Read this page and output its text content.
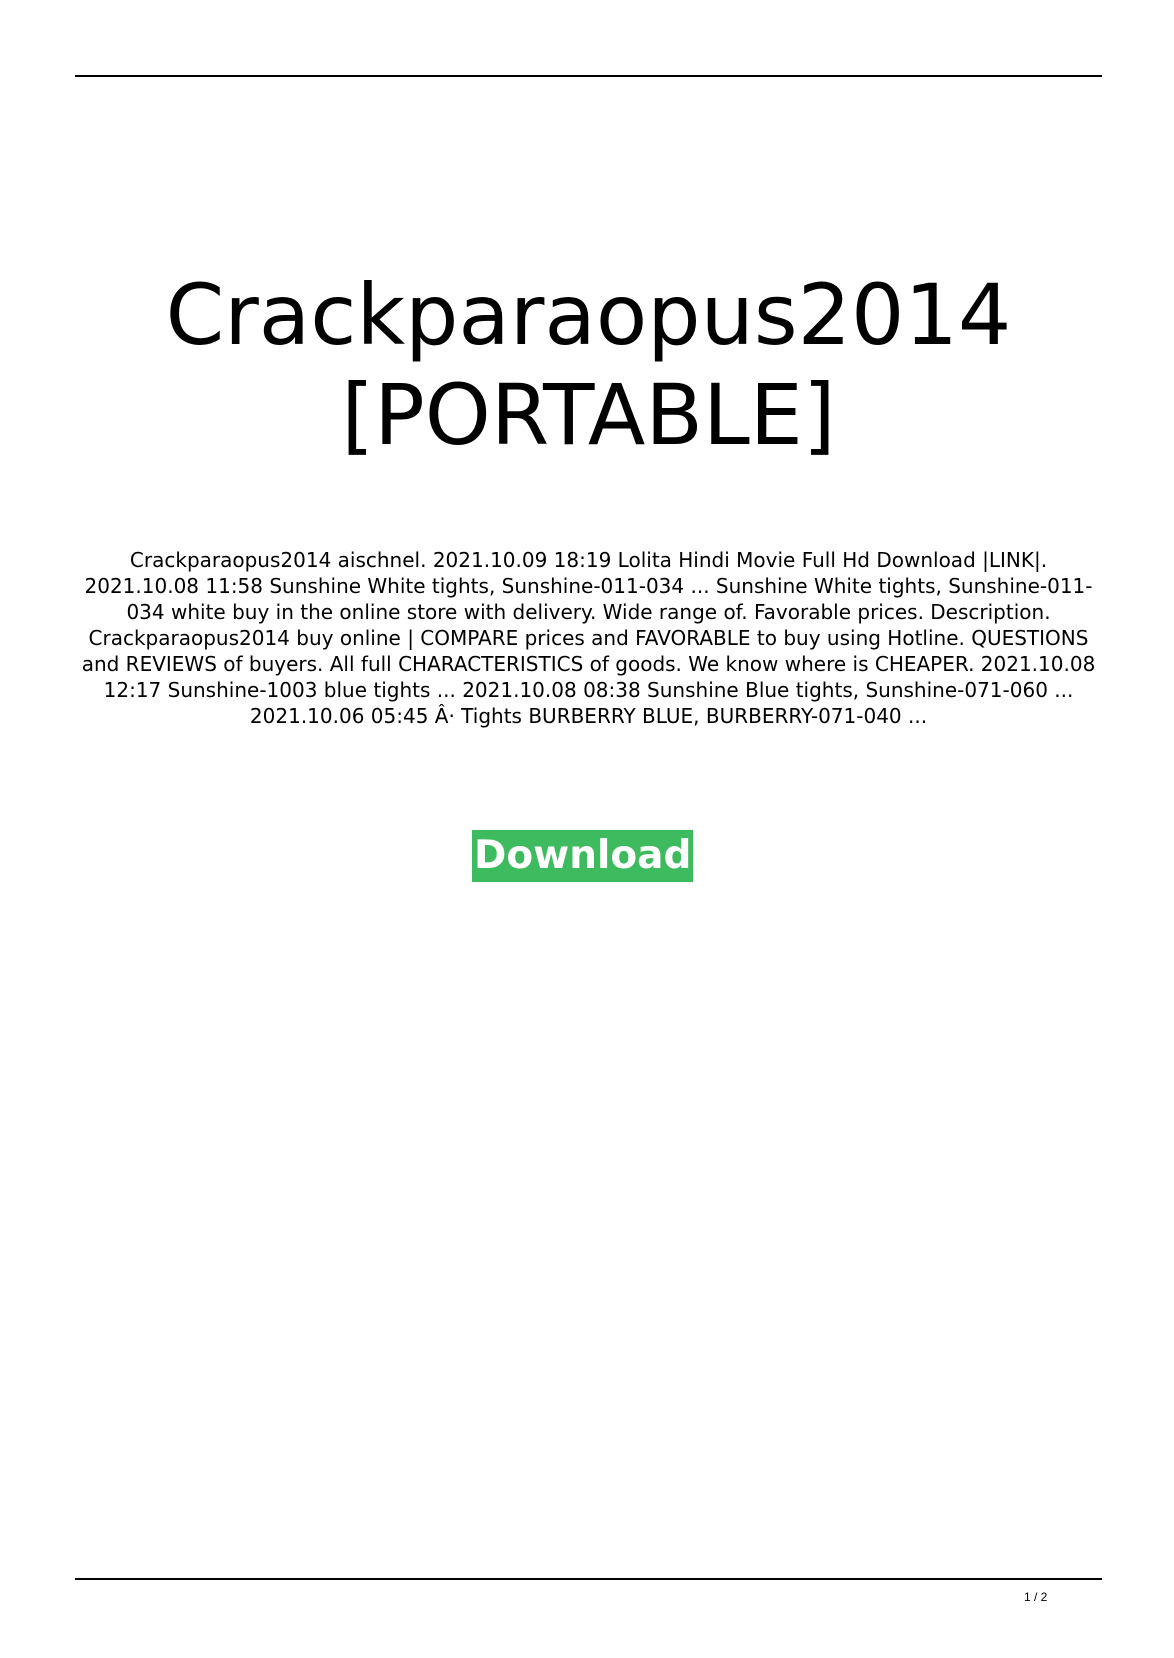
Crackparaopus2014
[PORTABLE]

Crackparaopus2014 aischnel. 2021.10.09 18:19 Lolita Hindi Movie Full Hd Download |LINK|. 2021.10.08 11:58 Sunshine White tights, Sunshine-011-034 ... Sunshine White tights, Sunshine-011-034 white buy in the online store with delivery. Wide range of. Favorable prices. Description. Crackparaopus2014 buy online | COMPARE prices and FAVORABLE to buy using Hotline. QUESTIONS and REVIEWS of buyers. All full CHARACTERISTICS of goods. We know where is CHEAPER. 2021.10.08 12:17 Sunshine-1003 blue tights ... 2021.10.08 08:38 Sunshine Blue tights, Sunshine-071-060 ... 2021.10.06 05:45 Â· Tights BURBERRY BLUE, BURBERRY-071-040 ...

Download
1 / 2
